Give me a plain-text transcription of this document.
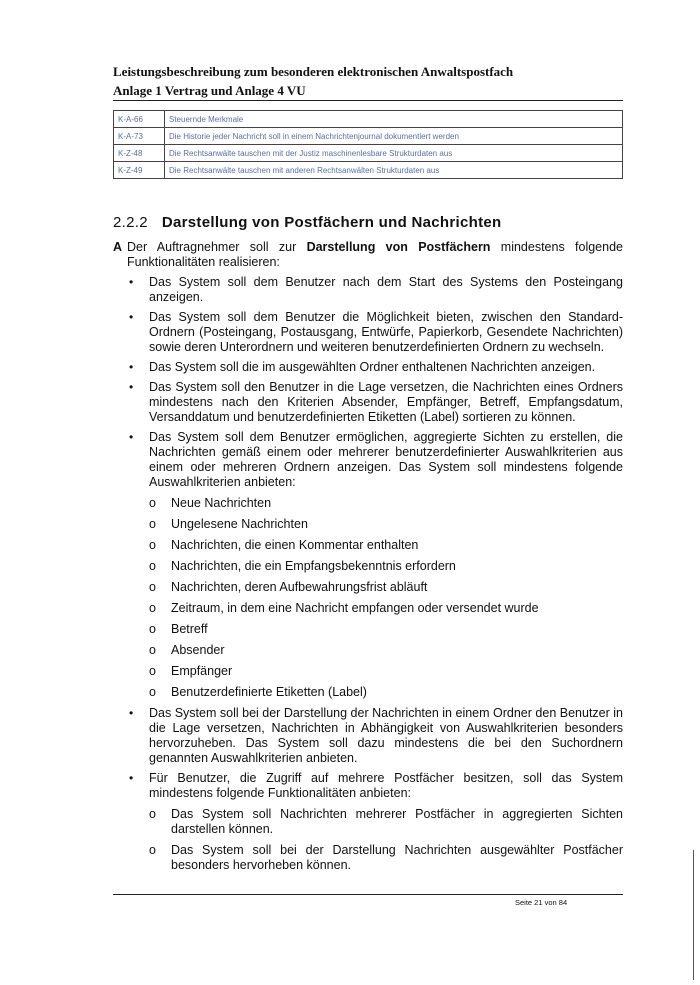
Leistungsbeschreibung zum besonderen elektronischen Anwaltspostfach
Anlage 1 Vertrag und Anlage 4 VU
K-A-66	Steuernde Merkmale
K-A-73	Die Historie jeder Nachricht soll in einem Nachrichtenjournal dokumentiert werden
K-Z-48	Die Rechtsanwälte tauschen mit der Justiz maschinenlesbare Strukturdaten aus
K-Z-49	Die Rechtsanwälte tauschen mit anderen Rechtsanwälten Strukturdaten aus
2.2.2 Darstellung von Postfächern und Nachrichten
A Der Auftragnehmer soll zur Darstellung von Postfächern mindestens folgende Funktionalitäten realisieren:
• Das System soll dem Benutzer nach dem Start des Systems den Posteingang anzeigen.
• Das System soll dem Benutzer die Möglichkeit bieten, zwischen den Standard-Ordnern (Posteingang, Postausgang, Entwürfe, Papierkorb, Gesendete Nachrichten) sowie deren Unterordnern und weiteren benutzerdefinierten Ordnern zu wechseln.
• Das System soll die im ausgewählten Ordner enthaltenen Nachrichten anzeigen.
• Das System soll den Benutzer in die Lage versetzen, die Nachrichten eines Ordners mindestens nach den Kriterien Absender, Empfänger, Betreff, Empfangsdatum, Versanddatum und benutzerdefinierten Etiketten (Label) sortieren zu können.
• Das System soll dem Benutzer ermöglichen, aggregierte Sichten zu erstellen, die Nachrichten gemäß einem oder mehrerer benutzerdefinierter Auswahlkriterien aus einem oder mehreren Ordnern anzeigen. Das System soll mindestens folgende Auswahlkriterien anbieten:
o Neue Nachrichten
o Ungelesene Nachrichten
o Nachrichten, die einen Kommentar enthalten
o Nachrichten, die ein Empfangsbekenntnis erfordern
o Nachrichten, deren Aufbewahrungsfrist abläuft
o Zeitraum, in dem eine Nachricht empfangen oder versendet wurde
o Betreff
o Absender
o Empfänger
o Benutzerdefinierte Etiketten (Label)
• Das System soll bei der Darstellung der Nachrichten in einem Ordner den Benutzer in die Lage versetzen, Nachrichten in Abhängigkeit von Auswahlkriterien besonders hervorzuheben. Das System soll dazu mindestens die bei den Suchordnern genannten Auswahlkriterien anbieten.
• Für Benutzer, die Zugriff auf mehrere Postfächer besitzen, soll das System mindestens folgende Funktionalitäten anbieten:
o Das System soll Nachrichten mehrerer Postfächer in aggregierten Sichten darstellen können.
o Das System soll bei der Darstellung Nachrichten ausgewählter Postfächer besonders hervorheben können.
Seite 21 von 84
